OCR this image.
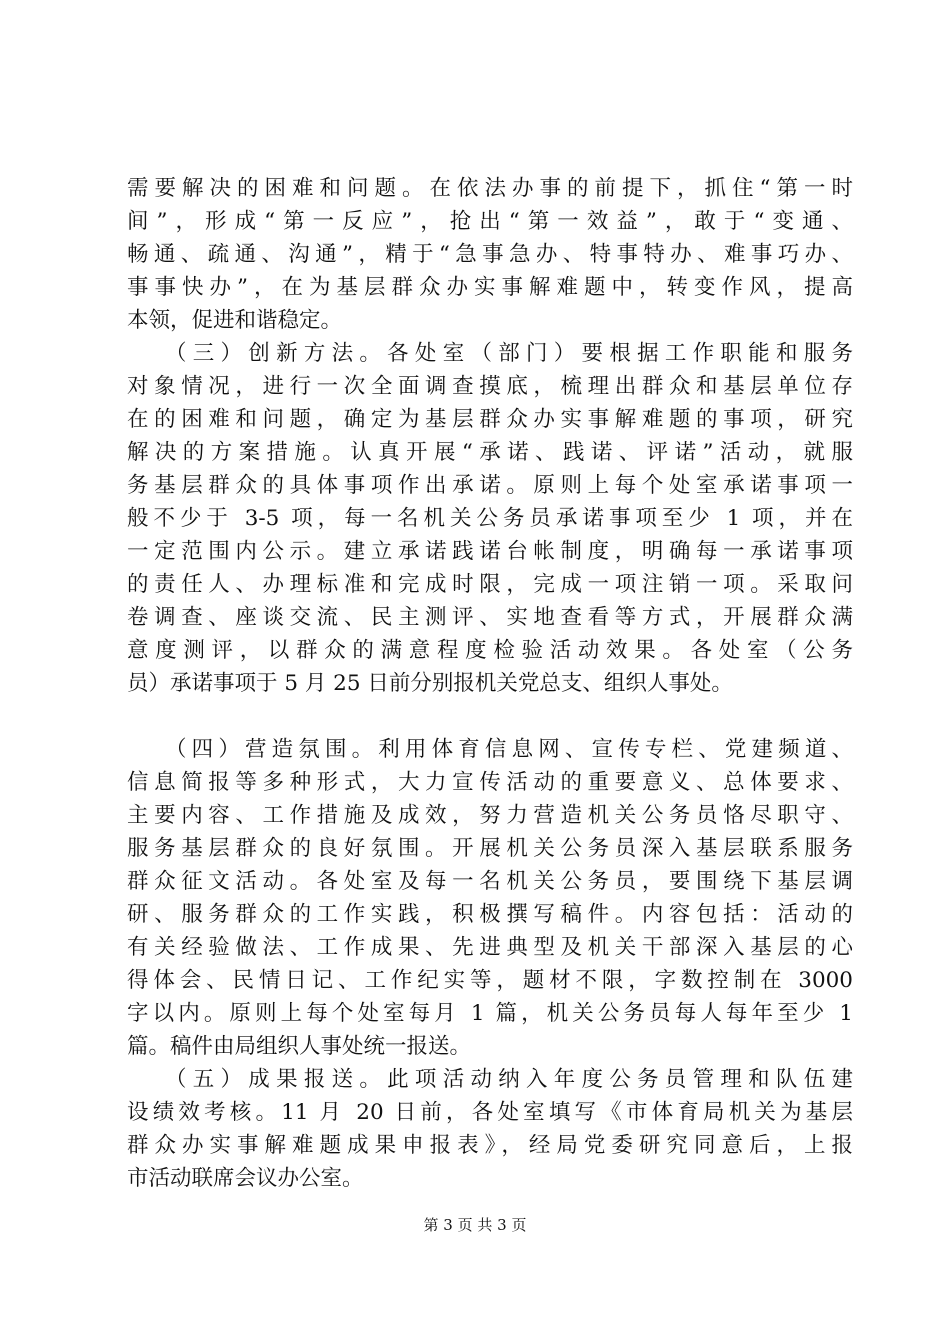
需要解决的困难和问题。在依法办事的前提下，抓住“第一时
间”，形成“第一反应”，抢出“第一效益”，敢于“变通、
畅通、疏通、沟通”，精于“急事急办、特事特办、难事巧办、
事事快办”，在为基层群众办实事解难题中，转变作风，提高
本领，促进和谐稳定。
（三）创新方法。各处室（部门）要根据工作职能和服务
对象情况，进行一次全面调查摸底，梳理出群众和基层单位存
在的困难和问题，确定为基层群众办实事解难题的事项，研究
解决的方案措施。认真开展“承诺、践诺、评诺”活动，就服
务基层群众的具体事项作出承诺。原则上每个处室承诺事项一
般不少于 3-5 项，每一名机关公务员承诺事项至少 1 项，并在
一定范围内公示。建立承诺践诺台帐制度，明确每一承诺事项
的责任人、办理标准和完成时限，完成一项注销一项。采取问
卷调查、座谈交流、民主测评、实地查看等方式，开展群众满
意度测评，以群众的满意程度检验活动效果。各处室（公务
员）承诺事项于 5 月 25 日前分别报机关党总支、组织人事处。
（四）营造氛围。利用体育信息网、宣传专栏、党建频道、
信息简报等多种形式，大力宣传活动的重要意义、总体要求、
主要内容、工作措施及成效，努力营造机关公务员恪尽职守、
服务基层群众的良好氛围。开展机关公务员深入基层联系服务
群众征文活动。各处室及每一名机关公务员，要围绕下基层调
研、服务群众的工作实践，积极撰写稿件。内容包括：活动的
有关经验做法、工作成果、先进典型及机关干部深入基层的心
得体会、民情日记、工作纪实等，题材不限，字数控制在 3000
字以内。原则上每个处室每月 1 篇，机关公务员每人每年至少 1
篇。稿件由局组织人事处统一报送。
（五）成果报送。此项活动纳入年度公务员管理和队伍建
设绩效考核。11 月 20 日前，各处室填写《市体育局机关为基层
群众办实事解难题成果申报表》，经局党委研究同意后，上报
市活动联席会议办公室。
第 3 页 共 3 页
